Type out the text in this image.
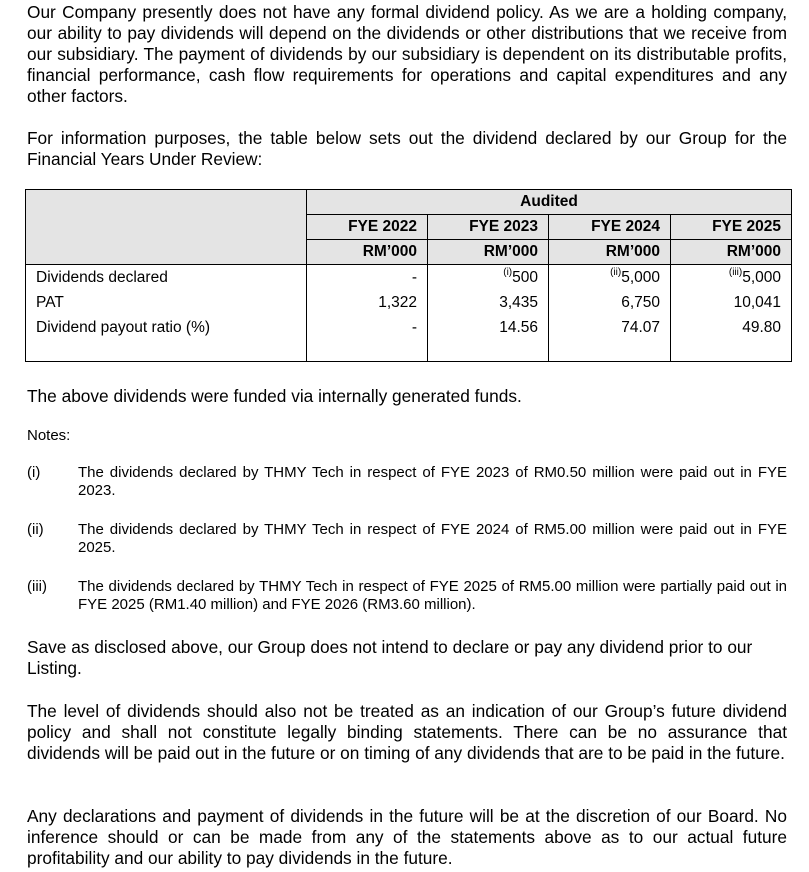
Our Company presently does not have any formal dividend policy. As we are a holding company, our ability to pay dividends will depend on the dividends or other distributions that we receive from our subsidiary. The payment of dividends by our subsidiary is dependent on its distributable profits, financial performance, cash flow requirements for operations and capital expenditures and any other factors.

For information purposes, the table below sets out the dividend declared by our Group for the Financial Years Under Review:

	Audited			
	FYE 2022	FYE 2023	FYE 2024	FYE 2025
	RM’000	RM’000	RM’000	RM’000
Dividends declared	-	$^{(i)}$500	$^{(ii)}$5,000	$^{(iii)}$5,000
PAT	1,322	3,435	6,750	10,041
Dividend payout ratio (%)	-	14.56	74.07	49.80

The above dividends were funded via internally generated funds.

Notes:
(i)	The dividends declared by THMY Tech in respect of FYE 2023 of RM0.50 million were paid out in FYE 2023.
(ii) The dividends declared by THMY Tech in respect of FYE 2024 of RM5.00 million were paid out in FYE 2025.
(iii) The dividends declared by THMY Tech in respect of FYE 2025 of RM5.00 million were partially paid out in FYE 2025 (RM1.40 million) and FYE 2026 (RM3.60 million).

Save as disclosed above, our Group does not intend to declare or pay any dividend prior to our Listing.

The level of dividends should also not be treated as an indication of our Group’s future dividend policy and shall not constitute legally binding statements. There can be no assurance that dividends will be paid out in the future or on timing of any dividends that are to be paid in the future.

Any declarations and payment of dividends in the future will be at the discretion of our Board. No inference should or can be made from any of the statements above as to our actual future profitability and our ability to pay dividends in the future.
